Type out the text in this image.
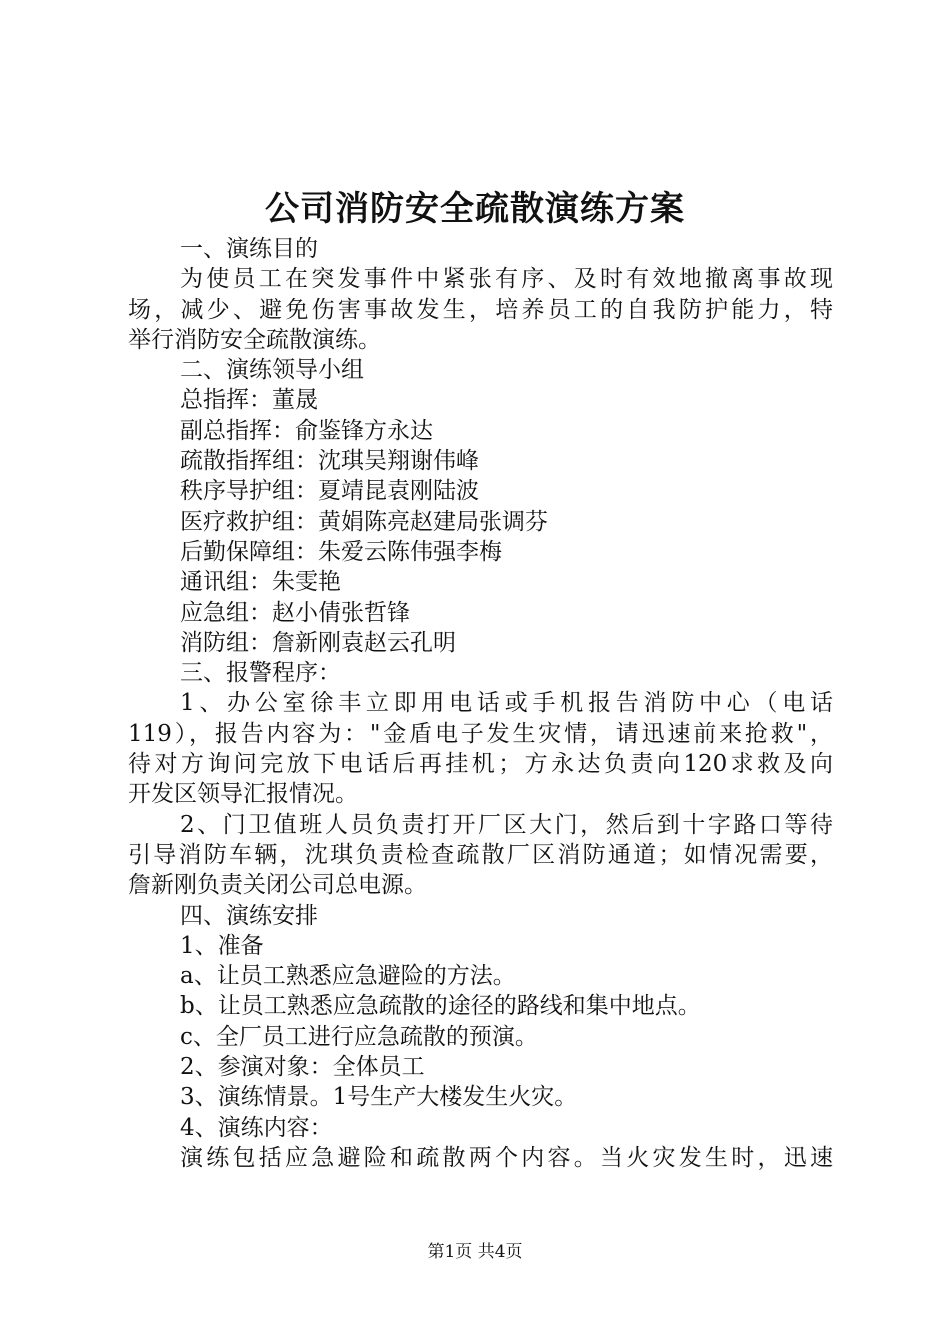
公司消防安全疏散演练方案
一、演练目的
为使员工在突发事件中紧张有序、及时有效地撤离事故现
场，减少、避免伤害事故发生，培养员工的自我防护能力，特
举行消防安全疏散演练。
二、演练领导小组
总指挥：董晟
副总指挥：俞鉴锋方永达
疏散指挥组：沈琪吴翔谢伟峰
秩序导护组：夏靖昆袁刚陆波
医疗救护组：黄娟陈亮赵建局张调芬
后勤保障组：朱爱云陈伟强李梅
通讯组：朱雯艳
应急组：赵小倩张哲锋
消防组：詹新刚袁赵云孔明
三、报警程序：
1、办公室徐丰立即用电话或手机报告消防中心（电话
119），报告内容为："金盾电子发生灾情，请迅速前来抢救"，
待对方询问完放下电话后再挂机；方永达负责向120求救及向
开发区领导汇报情况。
2、门卫值班人员负责打开厂区大门，然后到十字路口等待
引导消防车辆，沈琪负责检查疏散厂区消防通道；如情况需要，
詹新刚负责关闭公司总电源。
四、演练安排
1、准备
a、让员工熟悉应急避险的方法。
b、让员工熟悉应急疏散的途径的路线和集中地点。
c、全厂员工进行应急疏散的预演。
2、参演对象：全体员工
3、演练情景。1号生产大楼发生火灾。
4、演练内容：
演练包括应急避险和疏散两个内容。当火灾发生时，迅速
第1页 共4页
